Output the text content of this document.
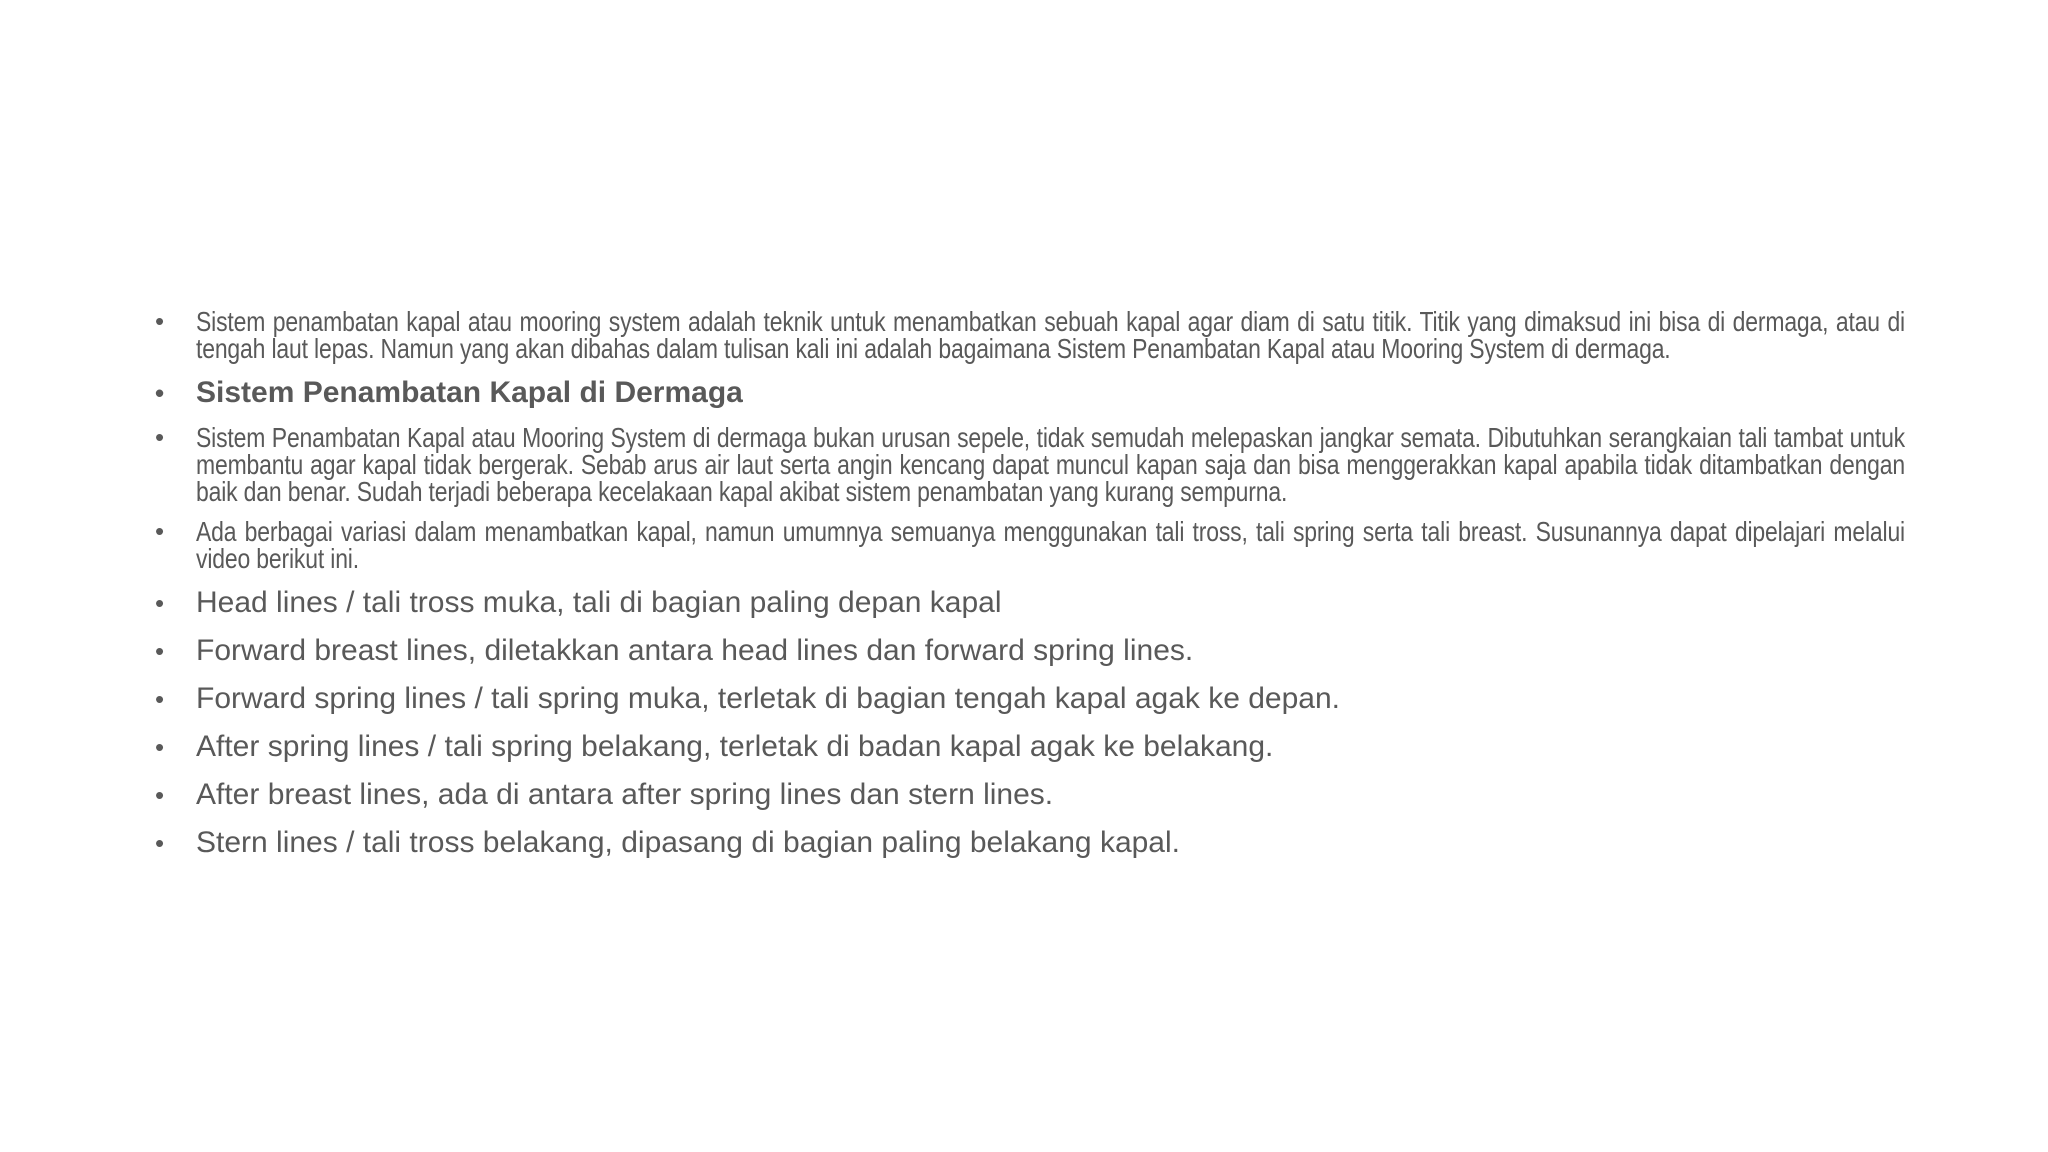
• Sistem penambatan kapal atau mooring system adalah teknik untuk menambatkan sebuah kapal agar diam di satu titik. Titik yang dimaksud ini bisa di dermaga, atau di tengah laut lepas. Namun yang akan dibahas dalam tulisan kali ini adalah bagaimana Sistem Penambatan Kapal atau Mooring System di dermaga.
• Sistem Penambatan Kapal di Dermaga
• Sistem Penambatan Kapal atau Mooring System di dermaga bukan urusan sepele, tidak semudah melepaskan jangkar semata. Dibutuhkan serangkaian tali tambat untuk membantu agar kapal tidak bergerak. Sebab arus air laut serta angin kencang dapat muncul kapan saja dan bisa menggerakkan kapal apabila tidak ditambatkan dengan baik dan benar. Sudah terjadi beberapa kecelakaan kapal akibat sistem penambatan yang kurang sempurna.
• Ada berbagai variasi dalam menambatkan kapal, namun umumnya semuanya menggunakan tali tross, tali spring serta tali breast. Susunannya dapat dipelajari melalui video berikut ini.
• Head lines / tali tross muka, tali di bagian paling depan kapal
• Forward breast lines, diletakkan antara head lines dan forward spring lines.
• Forward spring lines / tali spring muka, terletak di bagian tengah kapal agak ke depan.
• After spring lines / tali spring belakang, terletak di badan kapal agak ke belakang.
• After breast lines, ada di antara after spring lines dan stern lines.
• Stern lines / tali tross belakang, dipasang di bagian paling belakang kapal.
